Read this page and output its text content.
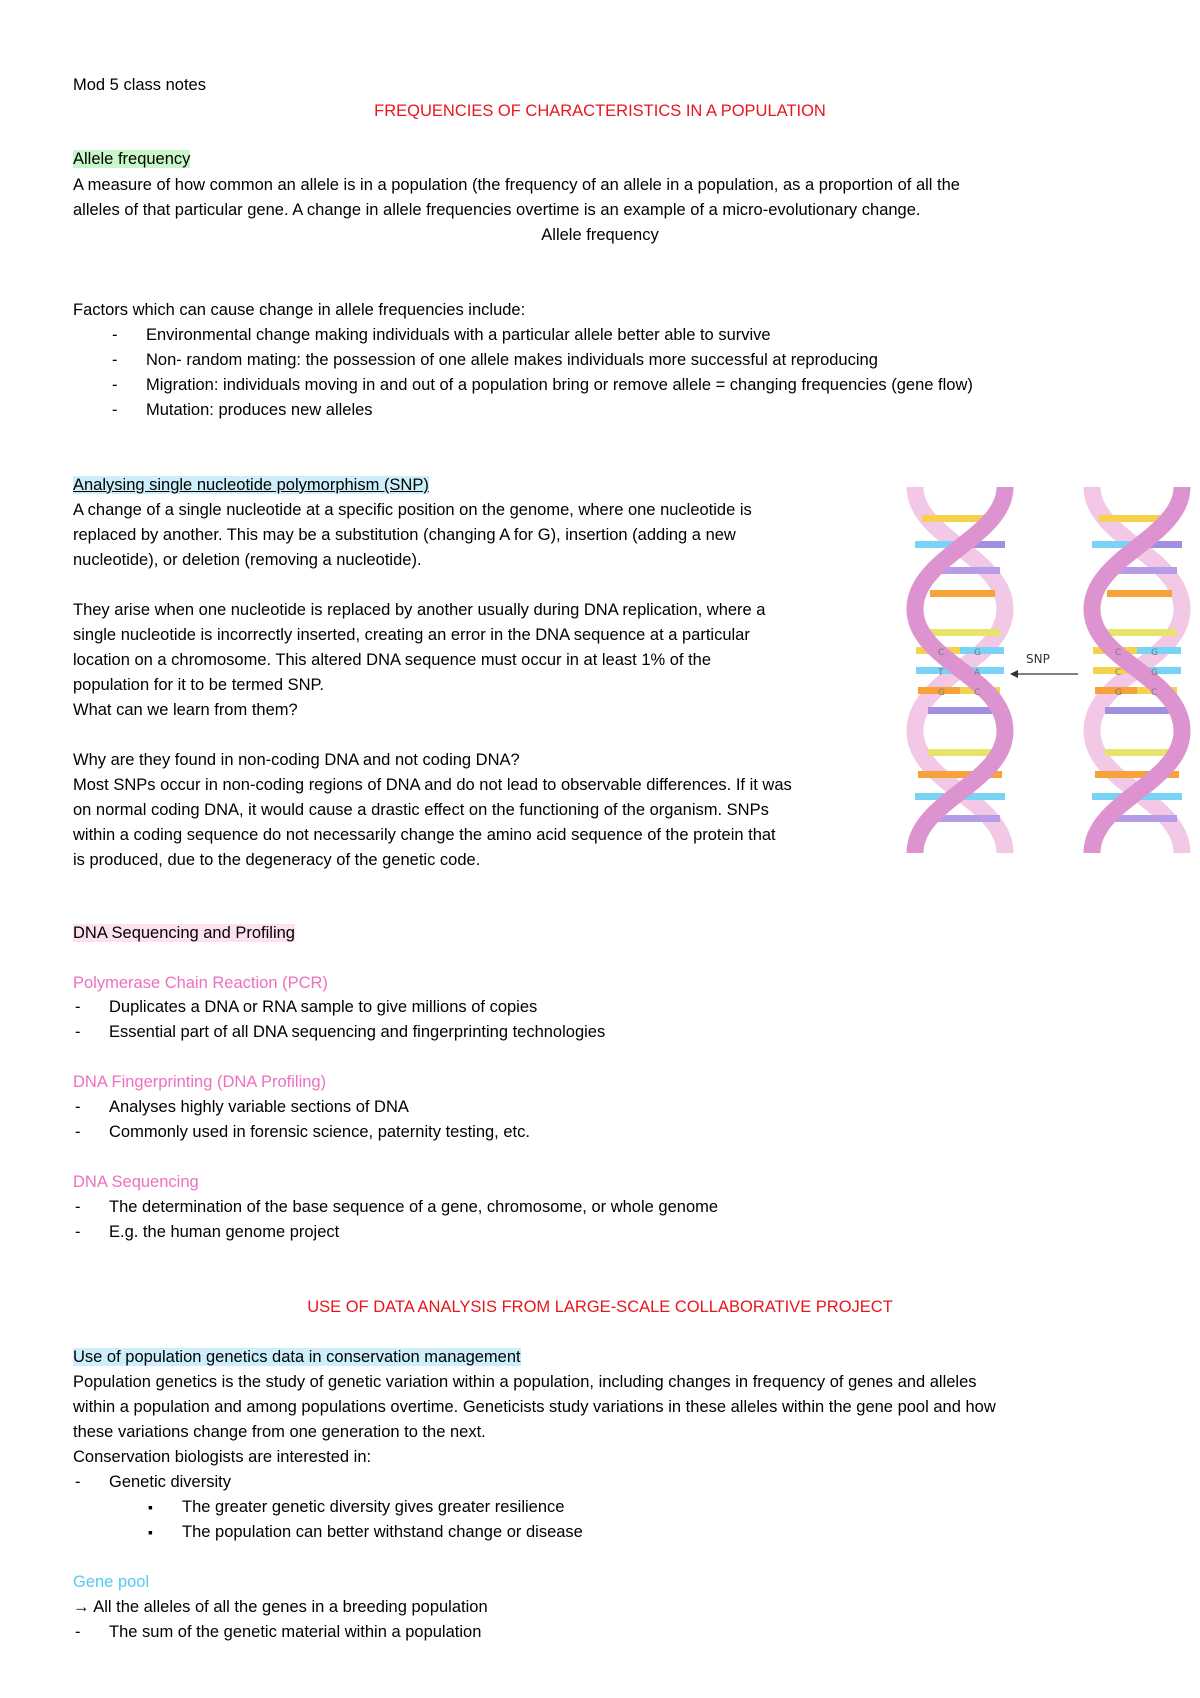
Mod 5 class notes
FREQUENCIES OF CHARACTERISTICS IN A POPULATION
Allele frequency
A measure of how common an allele is in a population (the frequency of an allele in a population, as a proportion of all the
alleles of that particular gene. A change in allele frequencies overtime is an example of a micro-evolutionary change.
Allele frequency
Factors which can cause change in allele frequencies include:
- Environmental change making individuals with a particular allele better able to survive
- Non- random mating: the possession of one allele makes individuals more successful at reproducing
- Migration: individuals moving in and out of a population bring or remove allele = changing frequencies (gene flow)
- Mutation: produces new alleles
Analysing single nucleotide polymorphism (SNP)
A change of a single nucleotide at a specific position on the genome, where one nucleotide is
replaced by another. This may be a substitution (changing A for G), insertion (adding a new
nucleotide), or deletion (removing a nucleotide).
They arise when one nucleotide is replaced by another usually during DNA replication, where a
single nucleotide is incorrectly inserted, creating an error in the DNA sequence at a particular
location on a chromosome. This altered DNA sequence must occur in at least 1% of the
population for it to be termed SNP.
What can we learn from them?
Why are they found in non-coding DNA and not coding DNA?
Most SNPs occur in non-coding regions of DNA and do not lead to observable differences. If it was
on normal coding DNA, it would cause a drastic effect on the functioning of the organism. SNPs
within a coding sequence do not necessarily change the amino acid sequence of the protein that
is produced, due to the degeneracy of the genetic code.
C	G
T	A
G	C
C	G
C	G
G	C
SNP
DNA Sequencing and Profiling
Polymerase Chain Reaction (PCR)
- Duplicates a DNA or RNA sample to give millions of copies
- Essential part of all DNA sequencing and fingerprinting technologies
DNA Fingerprinting (DNA Profiling)
- Analyses highly variable sections of DNA
- Commonly used in forensic science, paternity testing, etc.
DNA Sequencing
- The determination of the base sequence of a gene, chromosome, or whole genome
- E.g. the human genome project
USE OF DATA ANALYSIS FROM LARGE-SCALE COLLABORATIVE PROJECT
Use of population genetics data in conservation management
Population genetics is the study of genetic variation within a population, including changes in frequency of genes and alleles
within a population and among populations overtime. Geneticists study variations in these alleles within the gene pool and how
these variations change from one generation to the next.
Conservation biologists are interested in:
- Genetic diversity
▪ The greater genetic diversity gives greater resilience
▪ The population can better withstand change or disease
Gene pool
→ All the alleles of all the genes in a breeding population
- The sum of the genetic material within a population
